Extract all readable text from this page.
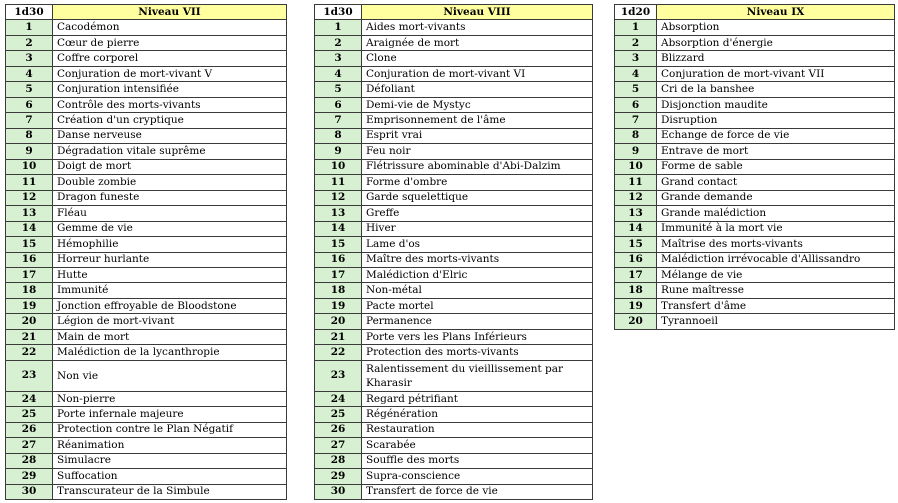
1d30	Niveau VII
1	Cacodémon
2	Cœur de pierre
3	Coffre corporel
4	Conjuration de mort-vivant V
5	Conjuration intensifiée
6	Contrôle des morts-vivants
7	Création d'un cryptique
8	Danse nerveuse
9	Dégradation vitale suprême
10	Doigt de mort
11	Double zombie
12	Dragon funeste
13	Fléau
14	Gemme de vie
15	Hémophilie
16	Horreur hurlante
17	Hutte
18	Immunité
19	Jonction effroyable de Bloodstone
20	Légion de mort-vivant
21	Main de mort
22	Malédiction de la lycanthropie
23	Non vie
24	Non-pierre
25	Porte infernale majeure
26	Protection contre le Plan Négatif
27	Réanimation
28	Simulacre
29	Suffocation
30	Transcurateur de la Simbule
1d30	Niveau VIII
1	Aides mort-vivants
2	Araignée de mort
3	Clone
4	Conjuration de mort-vivant VI
5	Défoliant
6	Demi-vie de Mystyc
7	Emprisonnement de l'âme
8	Esprit vrai
9	Feu noir
10	Flétrissure abominable d'Abi-Dalzim
11	Forme d'ombre
12	Garde squelettique
13	Greffe
14	Hiver
15	Lame d'os
16	Maître des morts-vivants
17	Malédiction d'Elric
18	Non-métal
19	Pacte mortel
20	Permanence
21	Porte vers les Plans Inférieurs
22	Protection des morts-vivants
23	Ralentissement du vieillissement par Kharasir
24	Regard pétrifiant
25	Régénération
26	Restauration
27	Scarabée
28	Souffle des morts
29	Supra-conscience
30	Transfert de force de vie
1d20	Niveau IX
1	Absorption
2	Absorption d'énergie
3	Blizzard
4	Conjuration de mort-vivant VII
5	Cri de la banshee
6	Disjonction maudite
7	Disruption
8	Echange de force de vie
9	Entrave de mort
10	Forme de sable
11	Grand contact
12	Grande demande
13	Grande malédiction
14	Immunité à la mort vie
15	Maîtrise des morts-vivants
16	Malédiction irrévocable d'Allissandro
17	Mélange de vie
18	Rune maîtresse
19	Transfert d'âme
20	Tyrannoeil
